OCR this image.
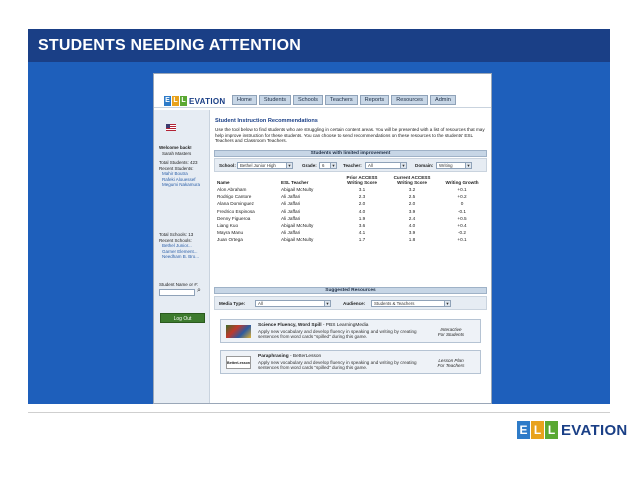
STUDENTS NEEDING ATTENTION
E L L EVATION	Home	Students	Schools	Teachers	Reports	Resources	Admin
Welcome back!
Sarah Masters
Total Students: 423
Recent Students:
Mahir Boutra
Rafeki Alouessef
Megumi Nakamura
Total Schools: 13
Recent Schools:
Bethel Junior...
Garner Element...
Needham B. Bro...
Student Name or #:
⌕
Log Out
Student Instruction Recommendations
Use the tool below to find students who are struggling in certain content areas. You will be presented with a list of resources that may help improve instruction for these students. You can choose to send recommendations on these resources to the students' ESL Teachers and Classroom Teachers.
Students with limited improvement
School: Bethel Junior High	▼ Grade:	6	▼ Teacher:	All	▼ Domain:	Writing	▼
Name	ESL Teacher	Prior ACCESS Writing Score	Current ACCESS Writing Score	Writing Growth
Alon Abraham	Abigail McNulty	3.1	3.2	+0.1
Rodrigo Cantore	Ali Jaffari	2.3	2.5	+0.2
Alana Dominguez	Ali Jaffari	2.0	2.0	0
Fredrico Espinosa	Ali Jaffari	4.0	3.9	-0.1
Denny Figueroa	Ali Jaffari	1.9	2.4	+0.5
Liang Kuo	Abigail McNulty	3.6	4.0	+0.4
Mayra Manu	Ali Jaffari	4.1	3.9	-0.2
Juan Ortega	Abigail McNulty	1.7	1.8	+0.1
Suggested Resources
Media Type:	All	▼	Audience:	Students & Teachers	▼
Science Fluency, Word Spill - PBS LearningMedia
Apply new vocabulary and develop fluency in speaking and writing by creating sentences from word cards "spilled" during this game.
Interactive
For Students
BetterLesson
Paraphrasing - BetterLesson
Apply new vocabulary and develop fluency in speaking and writing by creating sentences from word cards "spilled" during this game.
Lesson Plan
For Teachers
E L L EVATION
